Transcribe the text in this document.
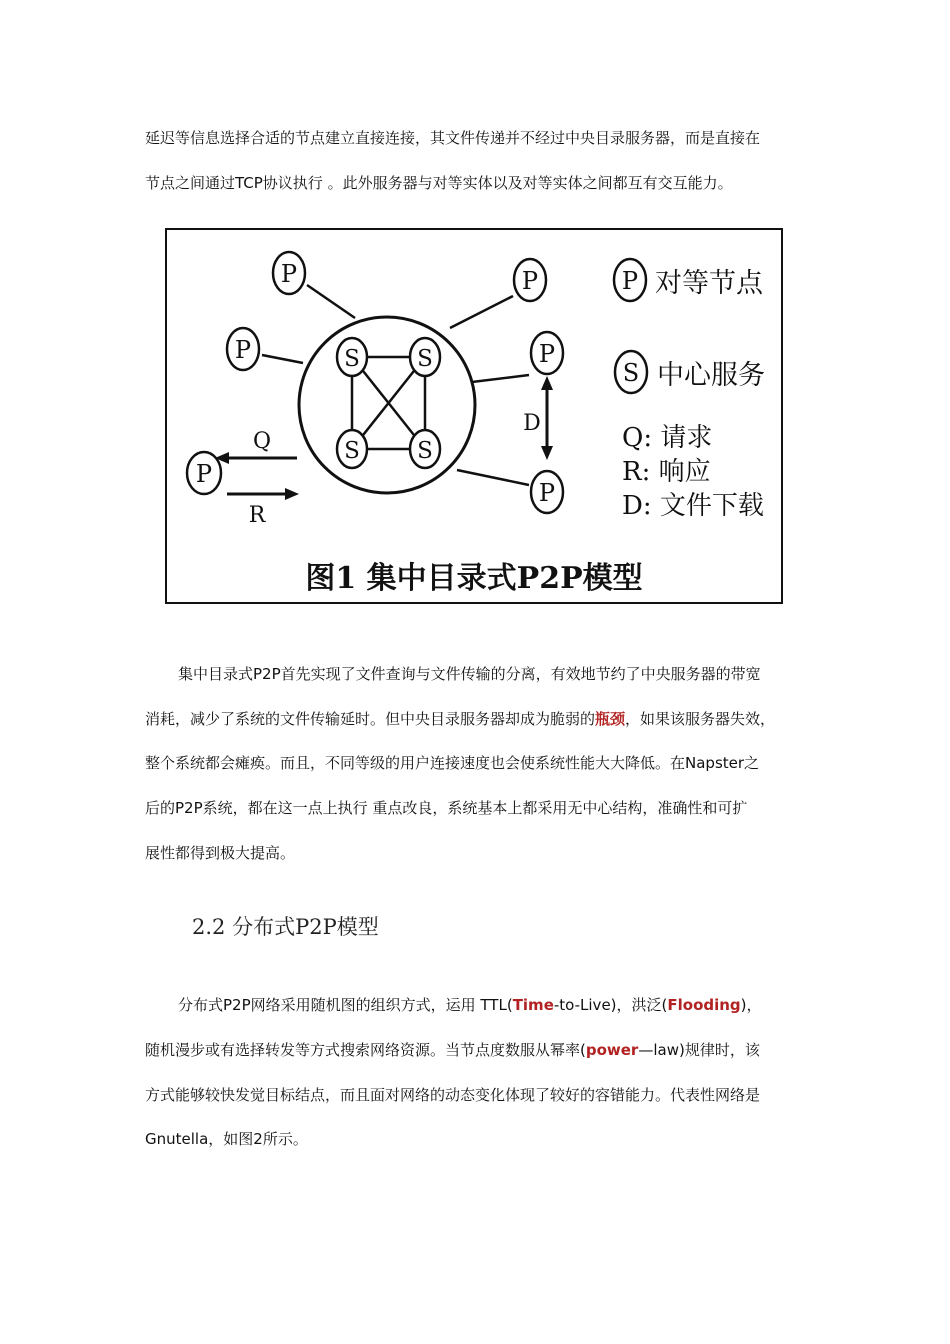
延迟等信息选择合适的节点建立直接连接，其文件传递并不经过中央目录服务器，而是直接在
节点之间通过TCP协议执行 。此外服务器与对等实体以及对等实体之间都互有交互能力。
P
P
P
P
P
P
S S
S S
Q
R
D
P 对等节点
S 中心服务
Q: 请求
R: 响应
D: 文件下载
图1 集中目录式P2P模型
集中目录式P2P首先实现了文件查询与文件传输的分离，有效地节约了中央服务器的带宽
消耗，减少了系统的文件传输延时。但中央目录服务器却成为脆弱的瓶颈，如果该服务器失效，
整个系统都会瘫痪。而且，不同等级的用户连接速度也会使系统性能大大降低。在Napster之
后的P2P系统，都在这一点上执行 重点改良，系统基本上都采用无中心结构，准确性和可扩
展性都得到极大提高。
2.2 分布式P2P模型
分布式P2P网络采用随机图的组织方式，运用 TTL(Time-to-Live)，洪泛(Flooding)，
随机漫步或有选择转发等方式搜索网络资源。当节点度数服从幂率(power—law)规律时，该
方式能够较快发觉目标结点，而且面对网络的动态变化体现了较好的容错能力。代表性网络是
Gnutella，如图2所示。
